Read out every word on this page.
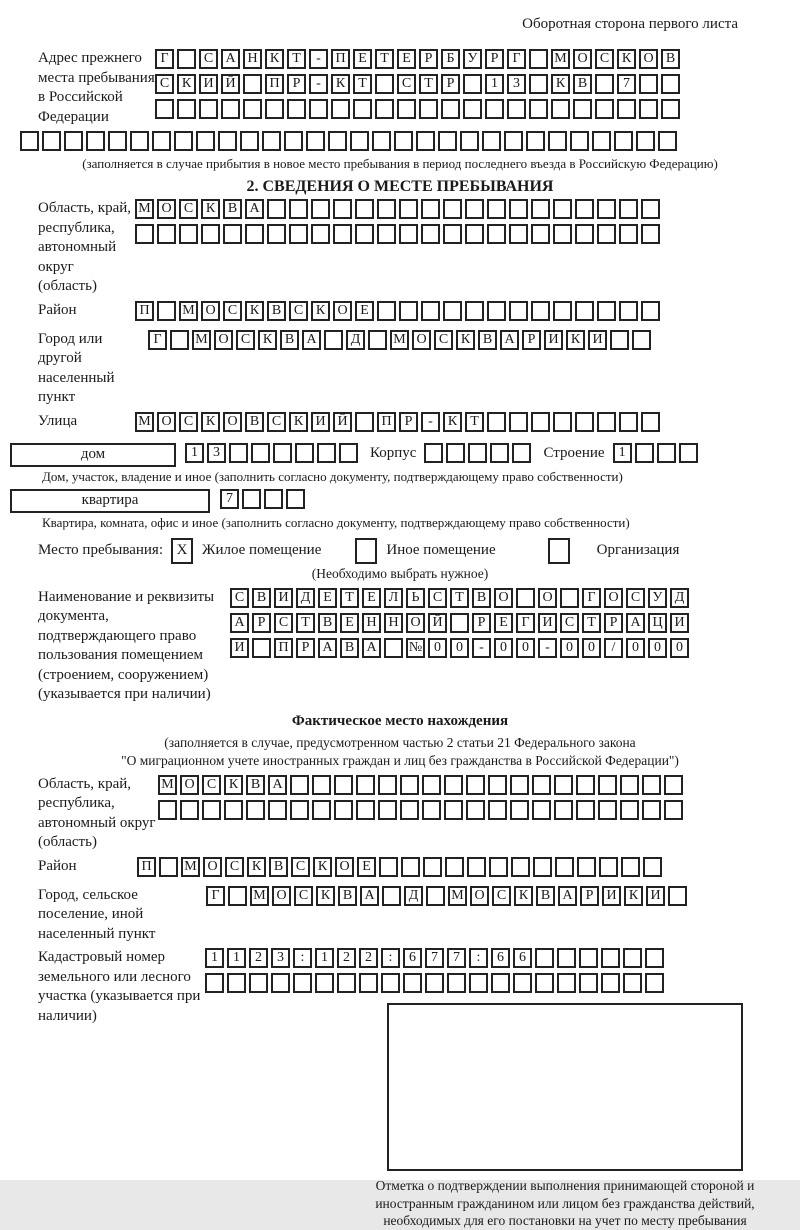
Оборотная сторона первого листа
Адрес прежнего места пребывания в Российской Федерации
Г	С А Н К Т	-	П Е Т Е Р	Б У Р	Г	М О С К О В
С К И Й	П Р	-	К Т	С Т Р	1	3	К В	7
(заполняется в случае прибытия в новое место пребывания в период последнего въезда в Российскую Федерацию)
2. СВЕДЕНИЯ О МЕСТЕ ПРЕБЫВАНИЯ
Область, край, республика, автономный округ (область)
М О С К В А
Район	П	М О С К В С К О Е
Город или другой населенный пункт
Г	М О С К В А	Д	М О С К В А Р И К И
Улица	М О С К О В С К И Й	П Р	-	К Т
дом	1	3	Корпус	Строение	1
Дом, участок, владение и иное (заполнить согласно документу, подтверждающему право собственности)
квартира	7
Квартира, комната, офис и иное (заполнить согласно документу, подтверждающему право собственности)
Место пребывания: X Жилое помещение	Иное помещение	Организация
(Необходимо выбрать нужное)
Наименование и реквизиты документа, подтверждающего право пользования помещением (строением, сооружением) (указывается при наличии)
С В И Д Е Т Е Л Ь С Т В О	О	Г О С У Д
А Р С Т В Е Н Н О Й	Р Е Г И С Т Р А Ц И
И	П Р А В А	№ 0	0	-	0	0	-	0	0	/	0	0	0
Фактическое место нахождения
(заполняется в случае, предусмотренном частью 2 статьи 21 Федерального закона
"О миграционном учете иностранных граждан и лиц без гражданства в Российской Федерации")
Область, край, республика, автономный округ (область)
М О С К В А
Район	П	М О С К В С К О Е
Город, сельское поселение, иной населенный пункт
Г	М О С К В А	Д	М О С К В А Р И К И
Кадастровый номер земельного или лесного участка (указывается при наличии)
1	1	2	3	:	1	2	2	:	6	7	7	:	6	6
Отметка о подтверждении выполнения принимающей стороной и иностранным гражданином или лицом без гражданства действий, необходимых для его постановки на учет по месту пребывания
